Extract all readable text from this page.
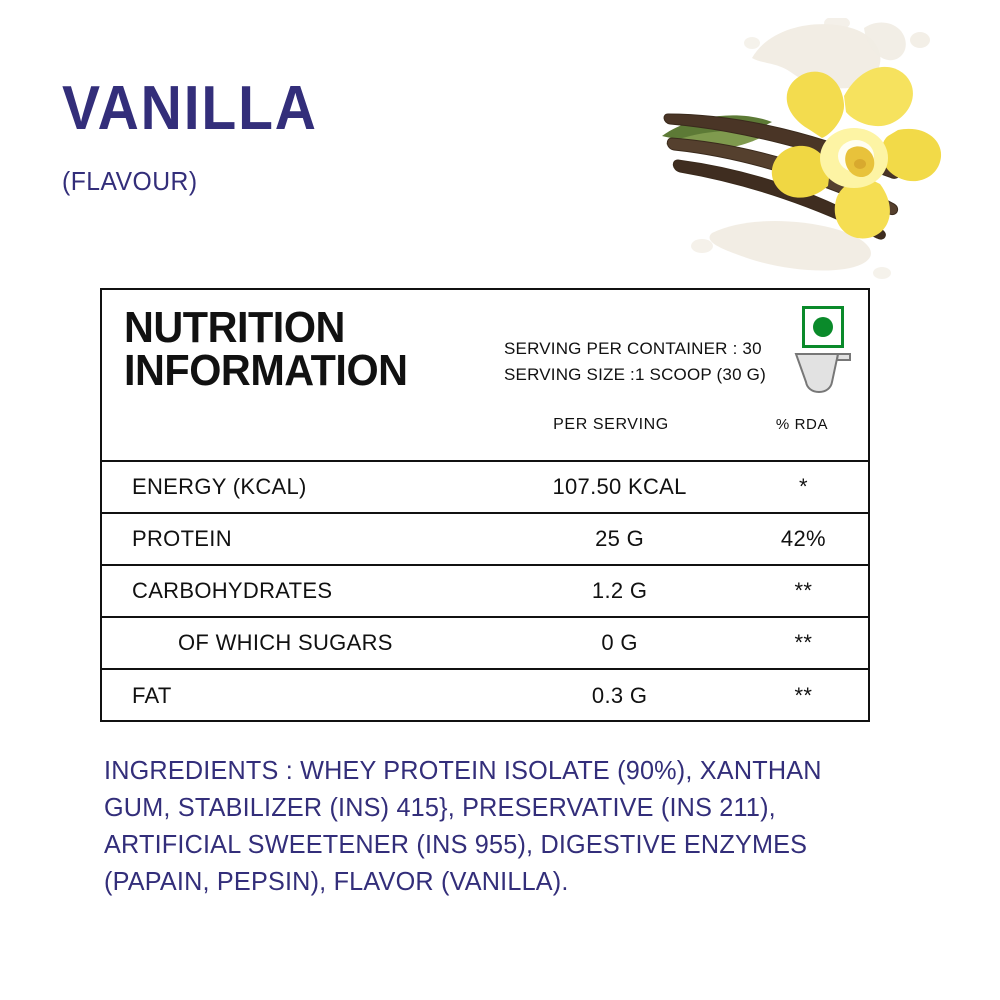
VANILLA
(FLAVOUR)
NUTRITION
INFORMATION	SERVING PER CONTAINER : 30
SERVING SIZE :1 SCOOP (30 G)
PER SERVING	% RDA
ENERGY (KCAL)	107.50 KCAL	*
PROTEIN	25 G	42%
CARBOHYDRATES	1.2 G	**
OF WHICH SUGARS	0 G	**
FAT	0.3 G	**
INGREDIENTS : WHEY PROTEIN ISOLATE (90%), XANTHAN GUM, STABILIZER (INS) 415}, PRESERVATIVE (INS 211), ARTIFICIAL SWEETENER (INS 955), DIGESTIVE ENZYMES (PAPAIN, PEPSIN), FLAVOR (VANILLA).
